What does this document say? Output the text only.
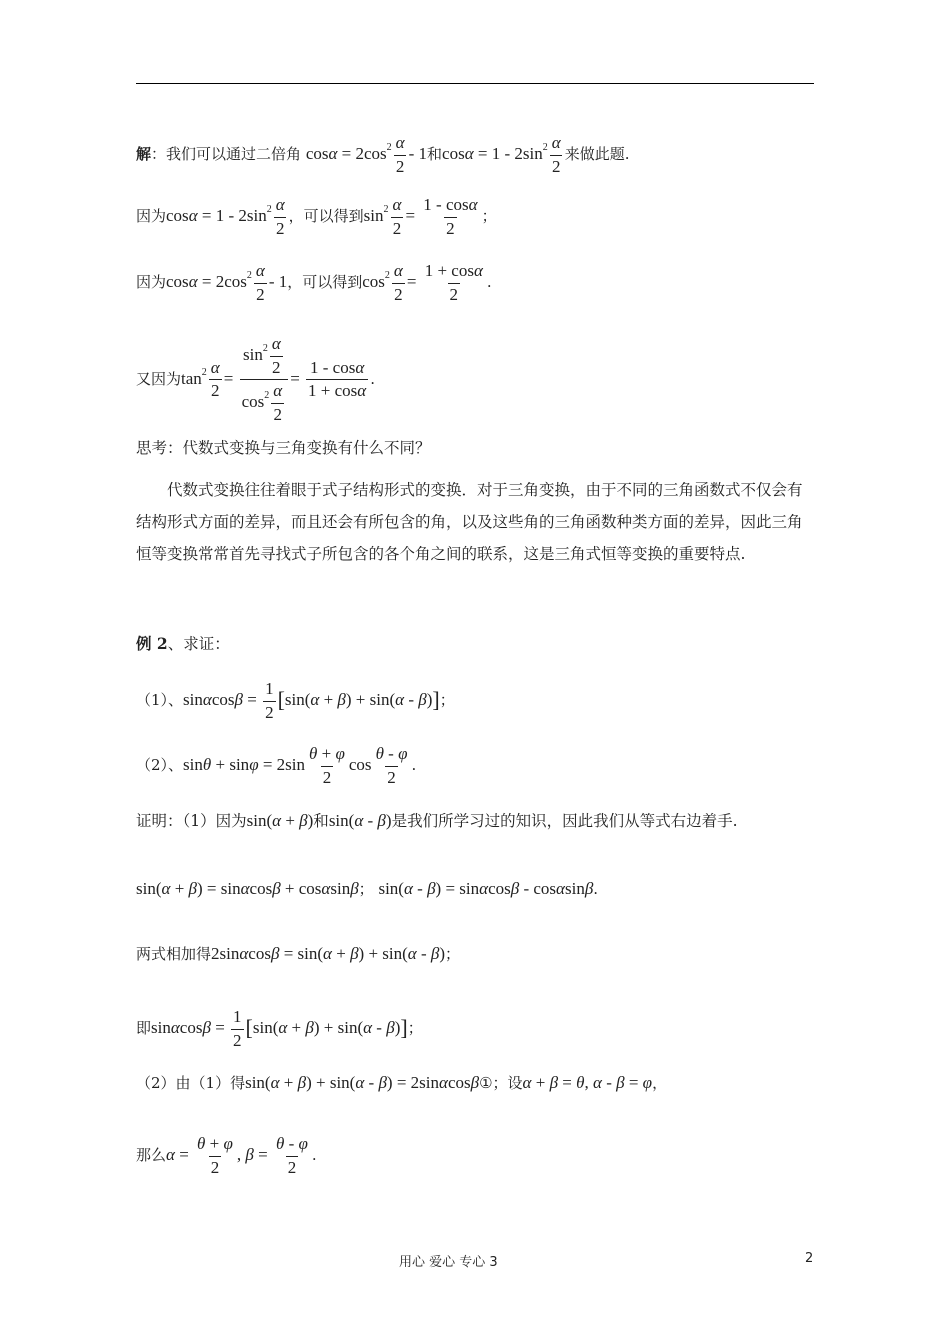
解：我们可以通过二倍角 $\cos\alpha = 2\cos^2 \frac{\alpha}{2} - 1$和$\cos\alpha = 1 - 2\sin^2 \frac{\alpha}{2}$ 来做此题.
因为$\cos\alpha = 1 - 2\sin^2 \frac{\alpha}{2}$ ，可以得到$\sin^2 \frac{\alpha}{2} = \frac{1 - \cos\alpha}{2}$ ；
因为$\cos\alpha = 2\cos^2 \frac{\alpha}{2} - 1$，可以得到$\cos^2 \frac{\alpha}{2} = \frac{1 + \cos\alpha}{2}$ .
又因为$\tan^2 \frac{\alpha}{2} = \frac{\sin^2 \frac{\alpha}{2}}{\cos^2 \frac{\alpha}{2}} = \frac{1 - \cos\alpha}{1 + \cos\alpha}$ .
思考：代数式变换与三角变换有什么不同？
代数式变换往往着眼于式子结构形式的变换．对于三角变换，由于不同的三角函数式不仅会有结构形式方面的差异，而且还会有所包含的角，以及这些角的三角函数种类方面的差异，因此三角恒等变换常常首先寻找式子所包含的各个角之间的联系，这是三角式恒等变换的重要特点.
例 2、求证：
（1）、$\sin\alpha\cos\beta = \frac{1}{2} [\sin(\alpha + \beta) + \sin(\alpha - \beta)]$；
（2）、$\sin\theta + \sin\varphi = 2\sin \frac{\theta + \varphi}{2}$ $\cos \frac{\theta - \varphi}{2}$ .
证明：（1）因为sin(α + β)和sin(α - β)是我们所学习过的知识，因此我们从等式右边着手.
sin(α + β) = sinαcosβ + cosαsinβ； sin(α - β) = sinαcosβ - cosαsinβ.
两式相加得2sinαcosβ = sin(α + β) + sin(α - β)；
即$\sin\alpha\cos\beta = \frac{1}{2} [\sin(\alpha + \beta) + \sin(\alpha - \beta)]$；
（2）由（1）得sin(α + β) + sin(α - β) = 2sinαcosβ①；设α + β = θ, α - β = φ，
那么$\alpha = \frac{\theta + \varphi}{2}$ , $\beta = \frac{\theta - \varphi}{2}$ .
用心 爱心 专心 3	2
